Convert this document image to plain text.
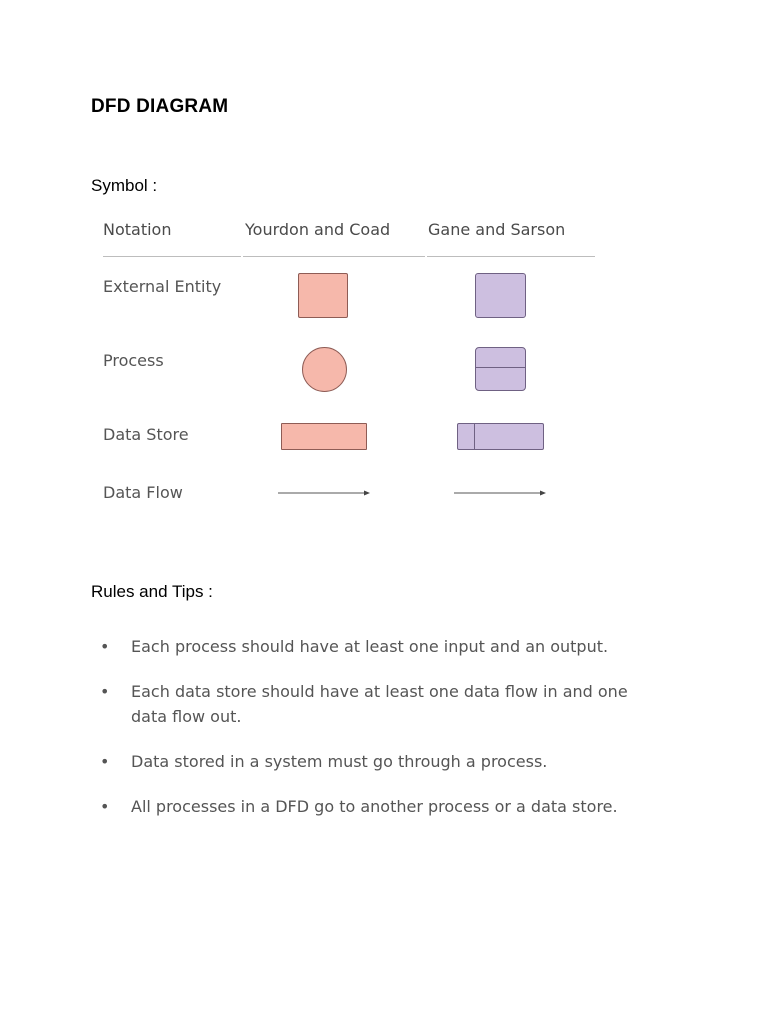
DFD DIAGRAM
Symbol :
Notation	Yourdon and Coad Gane and Sarson
External Entity
Process
Data Store
Data Flow
Rules and Tips :
• Each process should have at least one input and an output.
• Each data store should have at least one data flow in and one data flow out.
• Data stored in a system must go through a process.
• All processes in a DFD go to another process or a data store.
